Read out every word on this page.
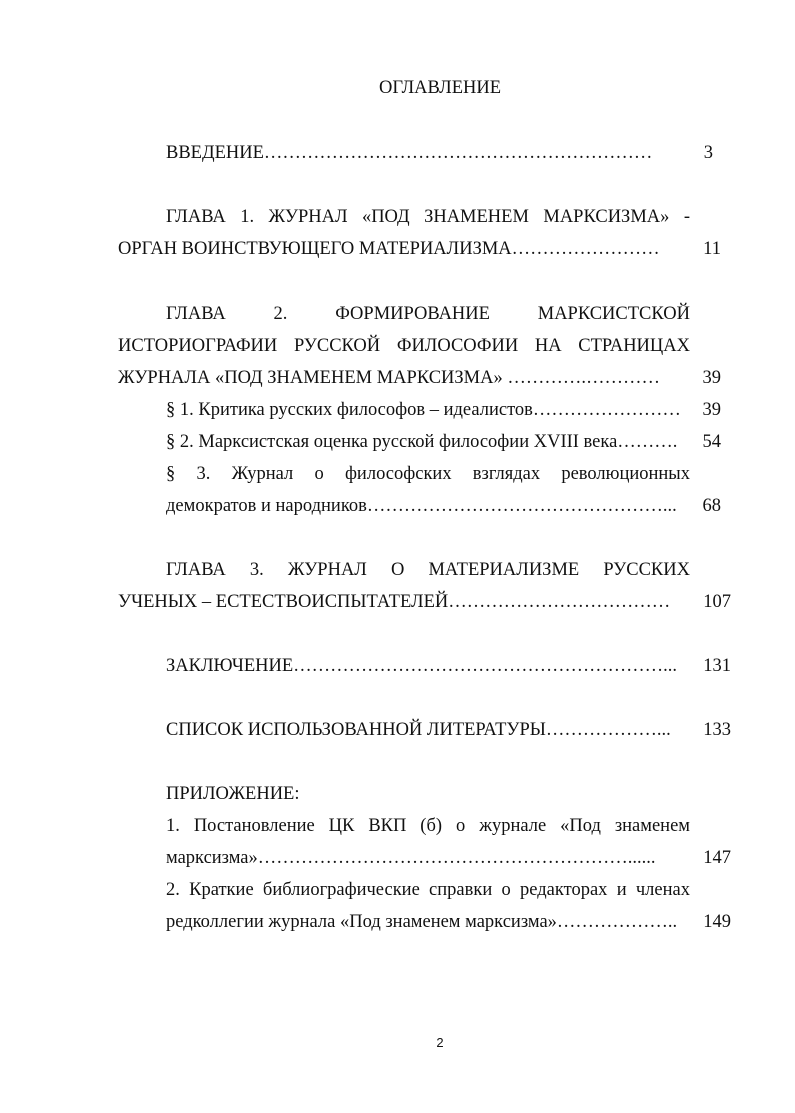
ОГЛАВЛЕНИЕ
ВВЕДЕНИЕ………………………………………………………	3
ГЛАВА 1. ЖУРНАЛ «ПОД ЗНАМЕНЕМ МАРКСИЗМА» -
ОРГАН ВОИНСТВУЮЩЕГО МАТЕРИАЛИЗМА……………………	11
ГЛАВА 2. ФОРМИРОВАНИЕ МАРКСИСТСКОЙ
ИСТОРИОГРАФИИ РУССКОЙ ФИЛОСОФИИ НА СТРАНИЦАХ
ЖУРНАЛА «ПОД ЗНАМЕНЕМ МАРКСИЗМА» ………….…………	39
§ 1. Критика русских философов – идеалистов……………………	39
§ 2. Марксистская оценка русской философии XVIII века……….	54
§ 3. Журнал о философских взглядах революционных
демократов и народников…………………………………………...	68
ГЛАВА 3. ЖУРНАЛ О МАТЕРИАЛИЗМЕ РУССКИХ
УЧЕНЫХ – ЕСТЕСТВОИСПЫТАТЕЛЕЙ………………………………	107
ЗАКЛЮЧЕНИЕ……………………………………………………...	131
СПИСОК ИСПОЛЬЗОВАННОЙ ЛИТЕРАТУРЫ………………...	133
ПРИЛОЖЕНИЕ:
1. Постановление ЦК ВКП (б) о журнале «Под знаменем
марксизма»……………………………………………………......	147
2. Краткие библиографические справки о редакторах и членах
редколлегии журнала «Под знаменем марксизма»………………..	149
2
